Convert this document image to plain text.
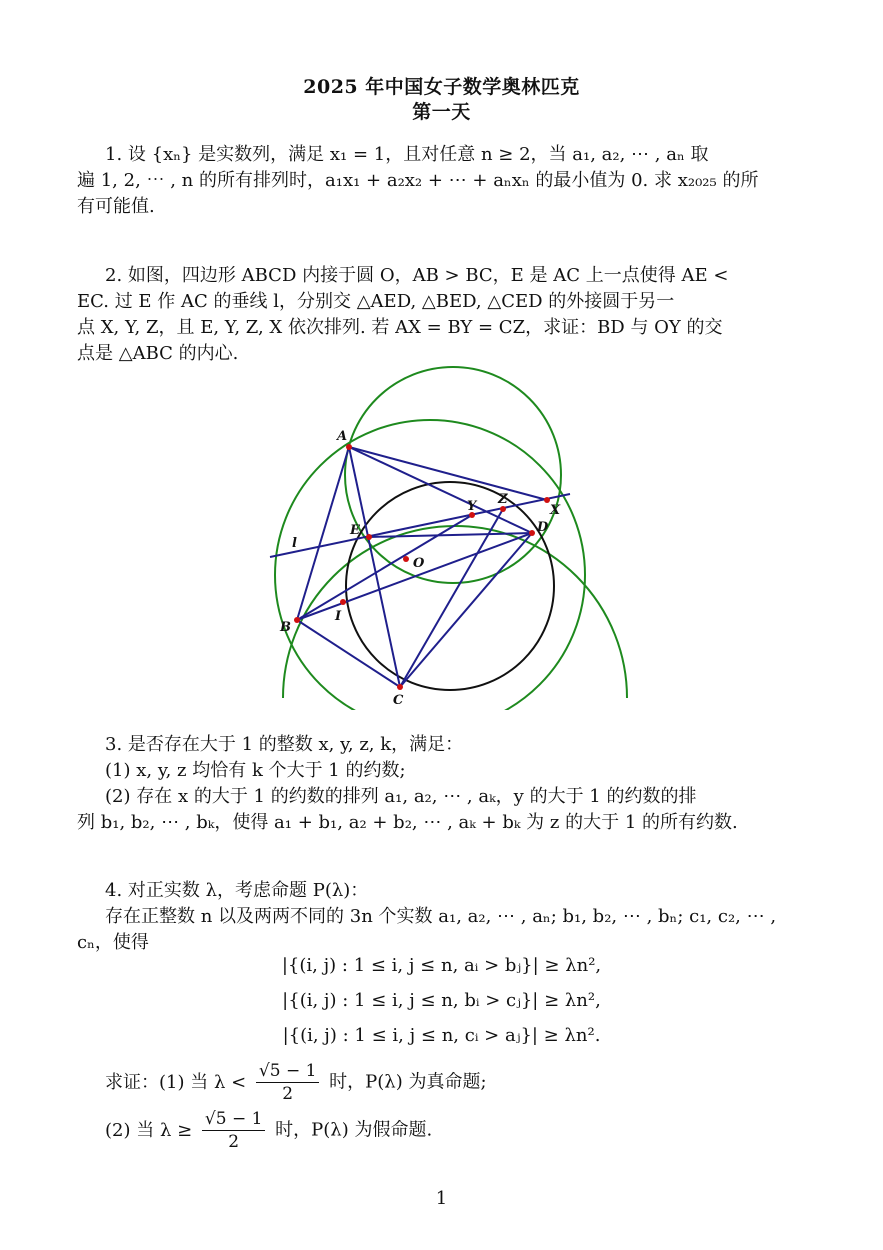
2025 年中国女子数学奥林匹克
第一天
1. 设 {xₙ} 是实数列，满足 x₁ = 1，且对任意 n ≥ 2，当 a₁, a₂, ⋯ , aₙ 取
遍 1, 2, ⋯ , n 的所有排列时，a₁x₁ + a₂x₂ + ⋯ + aₙxₙ 的最小值为 0. 求 x₂₀₂₅ 的所
有可能值.
2. 如图，四边形 ABCD 内接于圆 O，AB > BC，E 是 AC 上一点使得 AE <
EC. 过 E 作 AC 的垂线 l，分别交 △AED, △BED, △CED 的外接圆于另一
点 X, Y, Z，且 E, Y, Z, X 依次排列. 若 AX = BY = CZ，求证：BD 与 OY 的交
点是 △ABC 的内心.
A
B
C
D
E
X
Y Z
O
I
l
3. 是否存在大于 1 的整数 x, y, z, k，满足：
(1) x, y, z 均恰有 k 个大于 1 的约数;
(2) 存在 x 的大于 1 的约数的排列 a₁, a₂, ⋯ , aₖ，y 的大于 1 的约数的排
列 b₁, b₂, ⋯ , bₖ，使得 a₁ + b₁, a₂ + b₂, ⋯ , aₖ + bₖ 为 z 的大于 1 的所有约数.
4. 对正实数 λ，考虑命题 P(λ)：
存在正整数 n 以及两两不同的 3n 个实数 a₁, a₂, ⋯ , aₙ; b₁, b₂, ⋯ , bₙ; c₁, c₂, ⋯ ,
cₙ，使得
|{(i, j) : 1 ≤ i, j ≤ n, aᵢ > bⱼ}| ≥ λn²,
|{(i, j) : 1 ≤ i, j ≤ n, bᵢ > cⱼ}| ≥ λn²,
|{(i, j) : 1 ≤ i, j ≤ n, cᵢ > aⱼ}| ≥ λn².
求证：(1) 当 $\lambda < \frac{√5 - 1}{2}$ 时，P(λ) 为真命题;
(2) 当 $\lambda \ge \frac{√5 - 1}{2}$ 时，P(λ) 为假命题.
1
